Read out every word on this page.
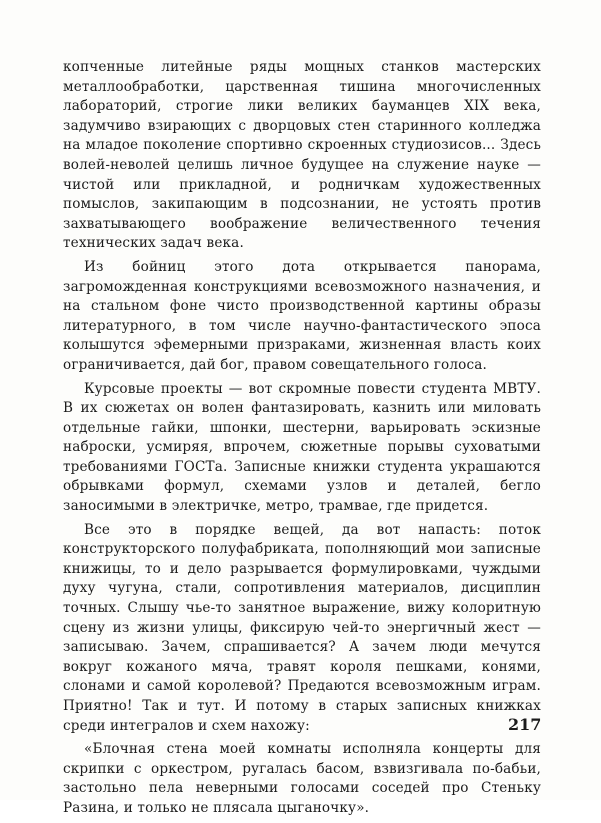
копченные литейные ряды мощных станков мастерских металлообработки, царственная тишина многочисленных лабораторий, строгие лики великих бауманцев XIX века, задумчиво взирающих с дворцовых стен старинного колледжа на младое поколение спортивно скроенных студиозисов... Здесь волей-неволей целишь личное будущее на служение науке — чистой или прикладной, и родничкам художественных помыслов, закипающим в подсознании, не устоять против захватывающего воображение величественного течения технических задач века.

Из бойниц этого дота открывается панорама, загроможденная конструкциями всевозможного назначения, и на стальном фоне чисто производственной картины образы литературного, в том числе научно-фантастического эпоса колышутся эфемерными призраками, жизненная власть коих ограничивается, дай бог, правом совещательного голоса.

Курсовые проекты — вот скромные повести студента МВТУ. В их сюжетах он волен фантазировать, казнить или миловать отдельные гайки, шпонки, шестерни, варьировать эскизные наброски, усмиряя, впрочем, сюжетные порывы суховатыми требованиями ГОСТа. Записные книжки студента украшаются обрывками формул, схемами узлов и деталей, бегло заносимыми в электричке, метро, трамвае, где придется.

Все это в порядке вещей, да вот напасть: поток конструкторского полуфабриката, пополняющий мои записные книжицы, то и дело разрывается формулировками, чуждыми духу чугуна, стали, сопротивления материалов, дисциплин точных. Слышу чье-то занятное выражение, вижу колоритную сцену из жизни улицы, фиксирую чей-то энергичный жест — записываю. Зачем, спрашивается? А зачем люди мечутся вокруг кожаного мяча, травят короля пешками, конями, слонами и самой королевой? Предаются всевозможным играм. Приятно! Так и тут. И потому в старых записных книжках среди интегралов и схем нахожу:

«Блочная стена моей комнаты исполняла концерты для скрипки с оркестром, ругалась басом, взвизгивала по-бабьи, застольно пела неверными голосами соседей про Стеньку Разина, и только не плясала цыганочку».

217
